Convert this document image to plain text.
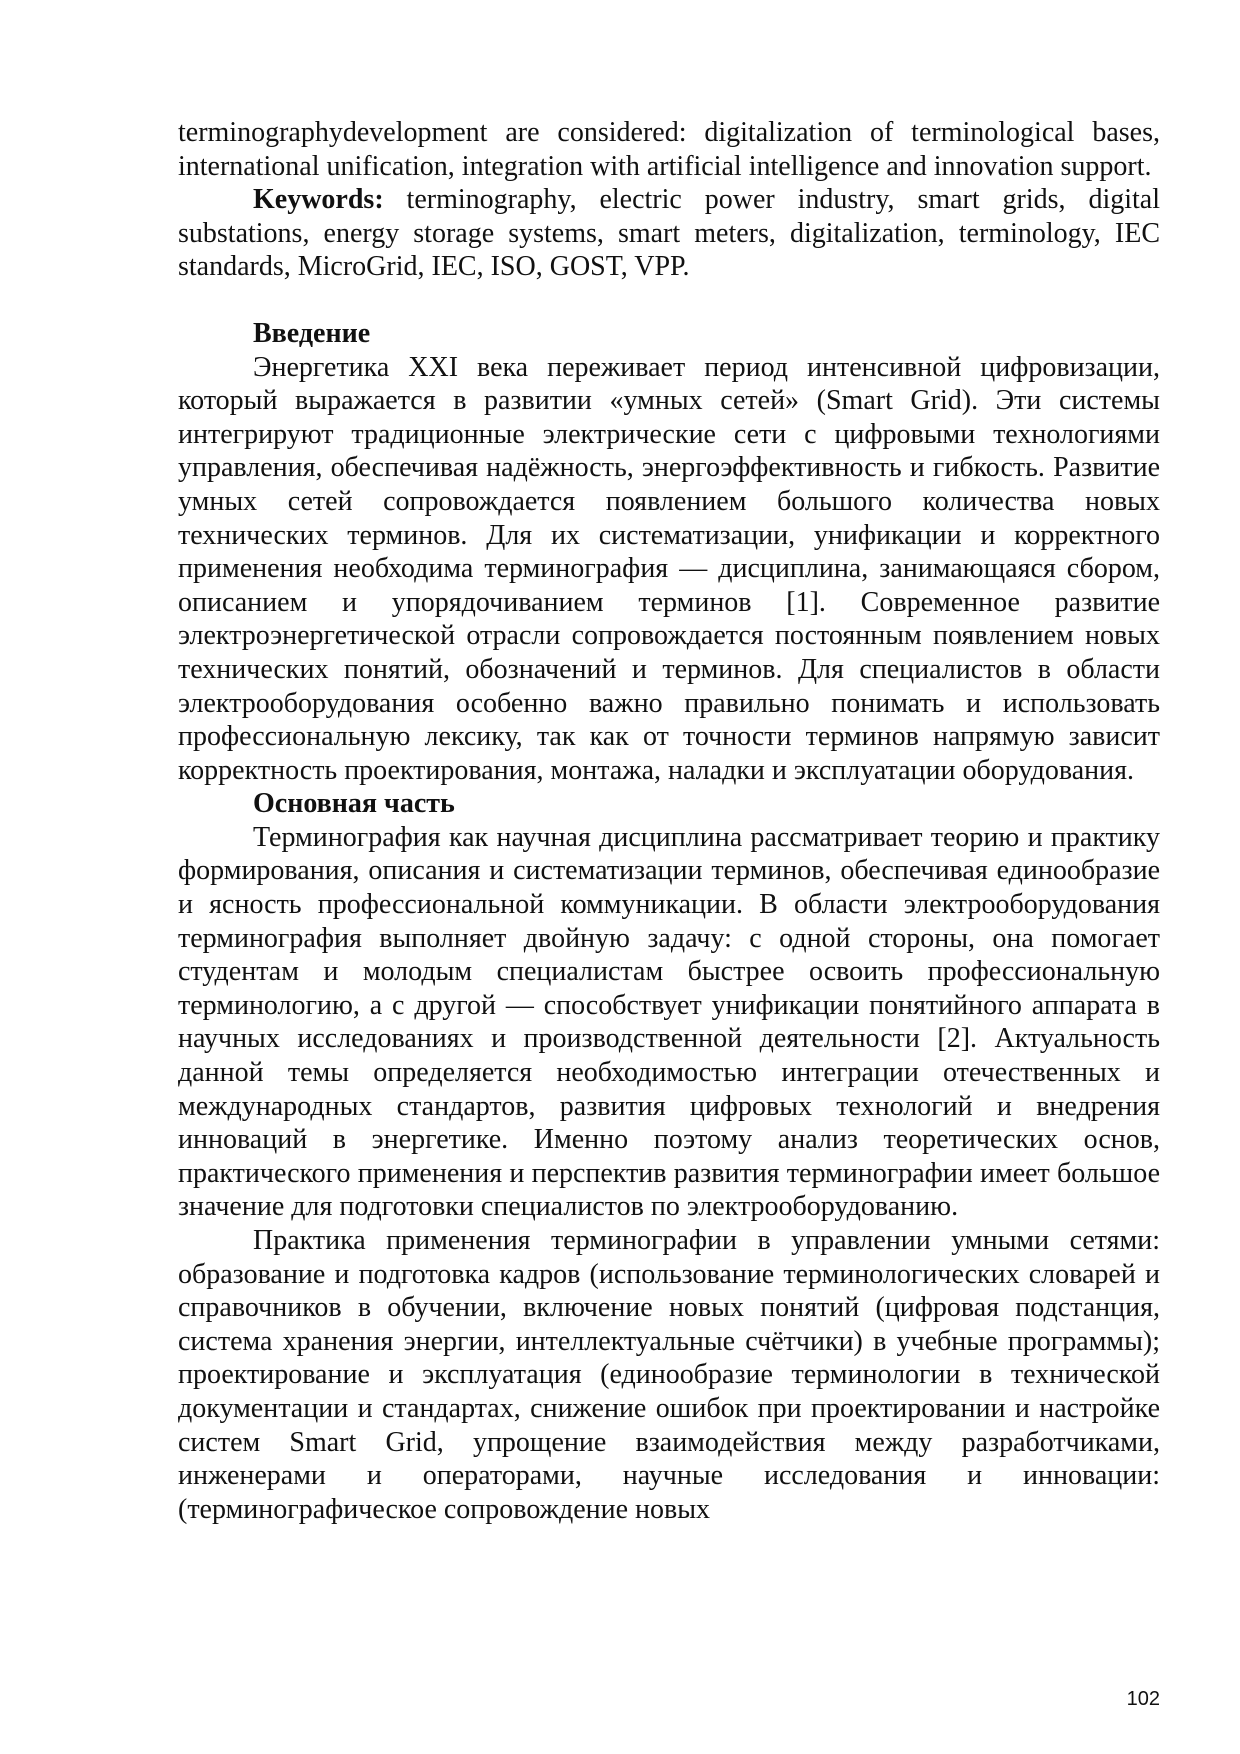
terminographydevelopment are considered: digitalization of terminological bases, international unification, integration with artificial intelligence and innovation support.

Keywords: terminography, electric power industry, smart grids, digital substations, energy storage systems, smart meters, digitalization, terminology, IEC standards, MicroGrid, IEC, ISO, GOST, VPP.

Введение

Энергетика XXI века переживает период интенсивной цифровизации, который выражается в развитии «умных сетей» (Smart Grid). Эти системы интегрируют традиционные электрические сети с цифровыми технологиями управления, обеспечивая надёжность, энергоэффективность и гибкость. Развитие умных сетей сопровождается появлением большого количества новых технических терминов. Для их систематизации, унификации и корректного применения необходима терминография — дисциплина, занимающаяся сбором, описанием и упорядочиванием терминов [1]. Современное развитие электроэнергетической отрасли сопровождается постоянным появлением новых технических понятий, обозначений и терминов. Для специалистов в области электрооборудования особенно важно правильно понимать и использовать профессиональную лексику, так как от точности терминов напрямую зависит корректность проектирования, монтажа, наладки и эксплуатации оборудования.

Основная часть

Терминография как научная дисциплина рассматривает теорию и практику формирования, описания и систематизации терминов, обеспечивая единообразие и ясность профессиональной коммуникации. В области электрооборудования терминография выполняет двойную задачу: с одной стороны, она помогает студентам и молодым специалистам быстрее освоить профессиональную терминологию, а с другой — способствует унификации понятийного аппарата в научных исследованиях и производственной деятельности [2]. Актуальность данной темы определяется необходимостью интеграции отечественных и международных стандартов, развития цифровых технологий и внедрения инноваций в энергетике. Именно поэтому анализ теоретических основ, практического применения и перспектив развития терминографии имеет большое значение для подготовки специалистов по электрооборудованию.

Практика применения терминографии в управлении умными сетями: образование и подготовка кадров (использование терминологических словарей и справочников в обучении, включение новых понятий (цифровая подстанция, система хранения энергии, интеллектуальные счётчики) в учебные программы); проектирование и эксплуатация (единообразие терминологии в технической документации и стандартах, снижение ошибок при проектировании и настройке систем Smart Grid, упрощение взаимодействия между разработчиками, инженерами и операторами, научные исследования и инновации: (терминографическое сопровождение новых

102
